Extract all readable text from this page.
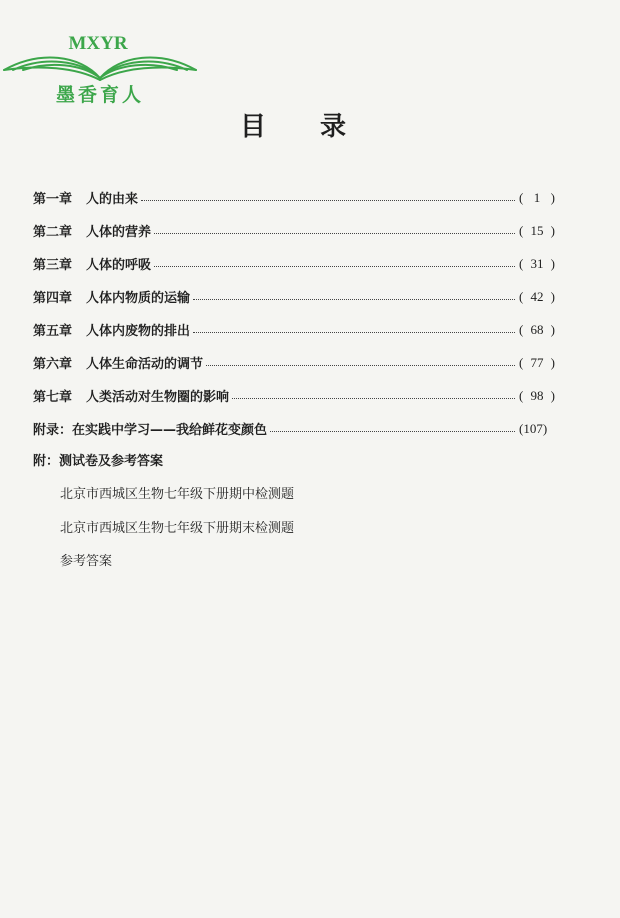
MXYR
墨香育人
目录
第一章 人的由来	( 1 )
第二章 人体的营养	( 15 )
第三章 人体的呼吸	( 31 )
第四章 人体内物质的运输	( 42 )
第五章 人体内废物的排出	( 68 )
第六章 人体生命活动的调节	( 77 )
第七章 人类活动对生物圈的影响	( 98 )
附录： 在实践中学习——我给鲜花变颜色	(107)
附：测试卷及参考答案
北京市西城区生物七年级下册期中检测题
北京市西城区生物七年级下册期末检测题
参考答案
